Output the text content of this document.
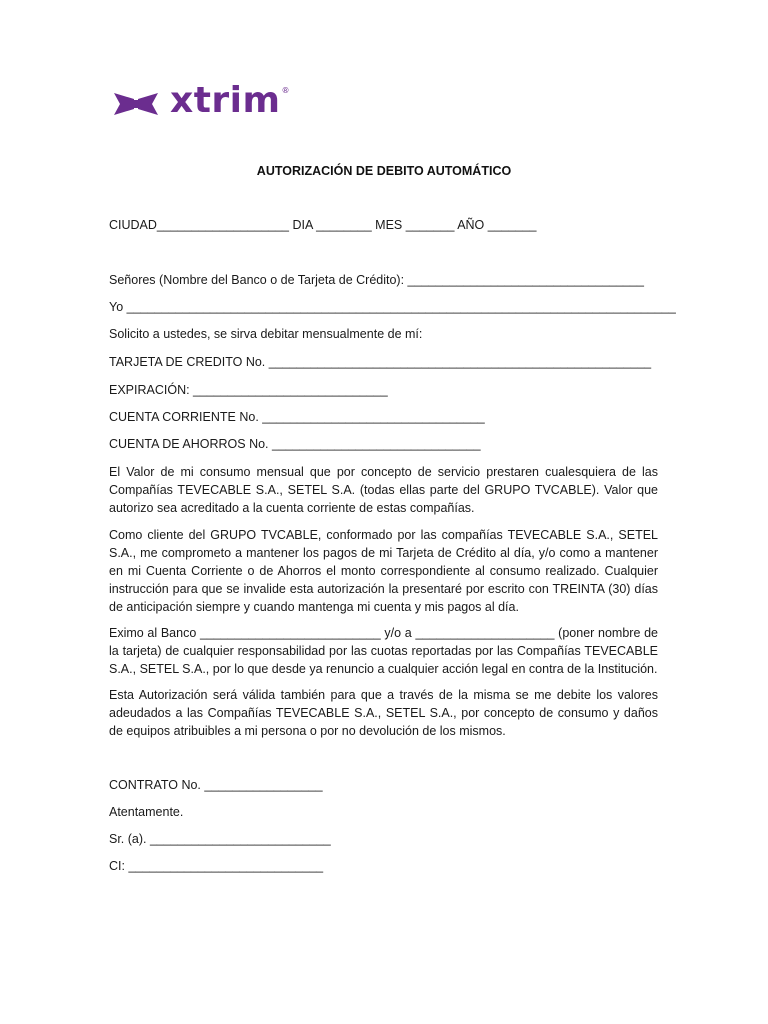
xtrim ®
AUTORIZACIÓN DE DEBITO AUTOMÁTICO
CIUDAD___________________ DIA ________ MES _______ AÑO _______
Señores (Nombre del Banco o de Tarjeta de Crédito): __________________________________
Yo _______________________________________________________________________________
Solicito a ustedes, se sirva debitar mensualmente de mí:
TARJETA DE CREDITO No. _______________________________________________________
EXPIRACIÓN: ____________________________
CUENTA CORRIENTE No. ________________________________
CUENTA DE AHORROS No. ______________________________
El Valor de mi consumo mensual que por concepto de servicio prestaren cualesquiera de las Compañías TEVECABLE S.A., SETEL S.A. (todas ellas parte del GRUPO TVCABLE). Valor que autorizo sea acreditado a la cuenta corriente de estas compañías.
Como cliente del GRUPO TVCABLE, conformado por las compañías TEVECABLE S.A., SETEL S.A., me comprometo a mantener los pagos de mi Tarjeta de Crédito al día, y/o como a mantener en mi Cuenta Corriente o de Ahorros el monto correspondiente al consumo realizado. Cualquier instrucción para que se invalide esta autorización la presentaré por escrito con TREINTA (30) días de anticipación siempre y cuando mantenga mi cuenta y mis pagos al día.
Eximo al Banco __________________________ y/o a ____________________ (poner nombre de la tarjeta) de cualquier responsabilidad por las cuotas reportadas por las Compañías TEVECABLE S.A., SETEL S.A., por lo que desde ya renuncio a cualquier acción legal en contra de la Institución.
Esta Autorización será válida también para que a través de la misma se me debite los valores adeudados a las Compañías TEVECABLE S.A., SETEL S.A., por concepto de consumo y daños de equipos atribuibles a mi persona o por no devolución de los mismos.
CONTRATO No. _________________
Atentamente.
Sr. (a). __________________________
CI: ____________________________
